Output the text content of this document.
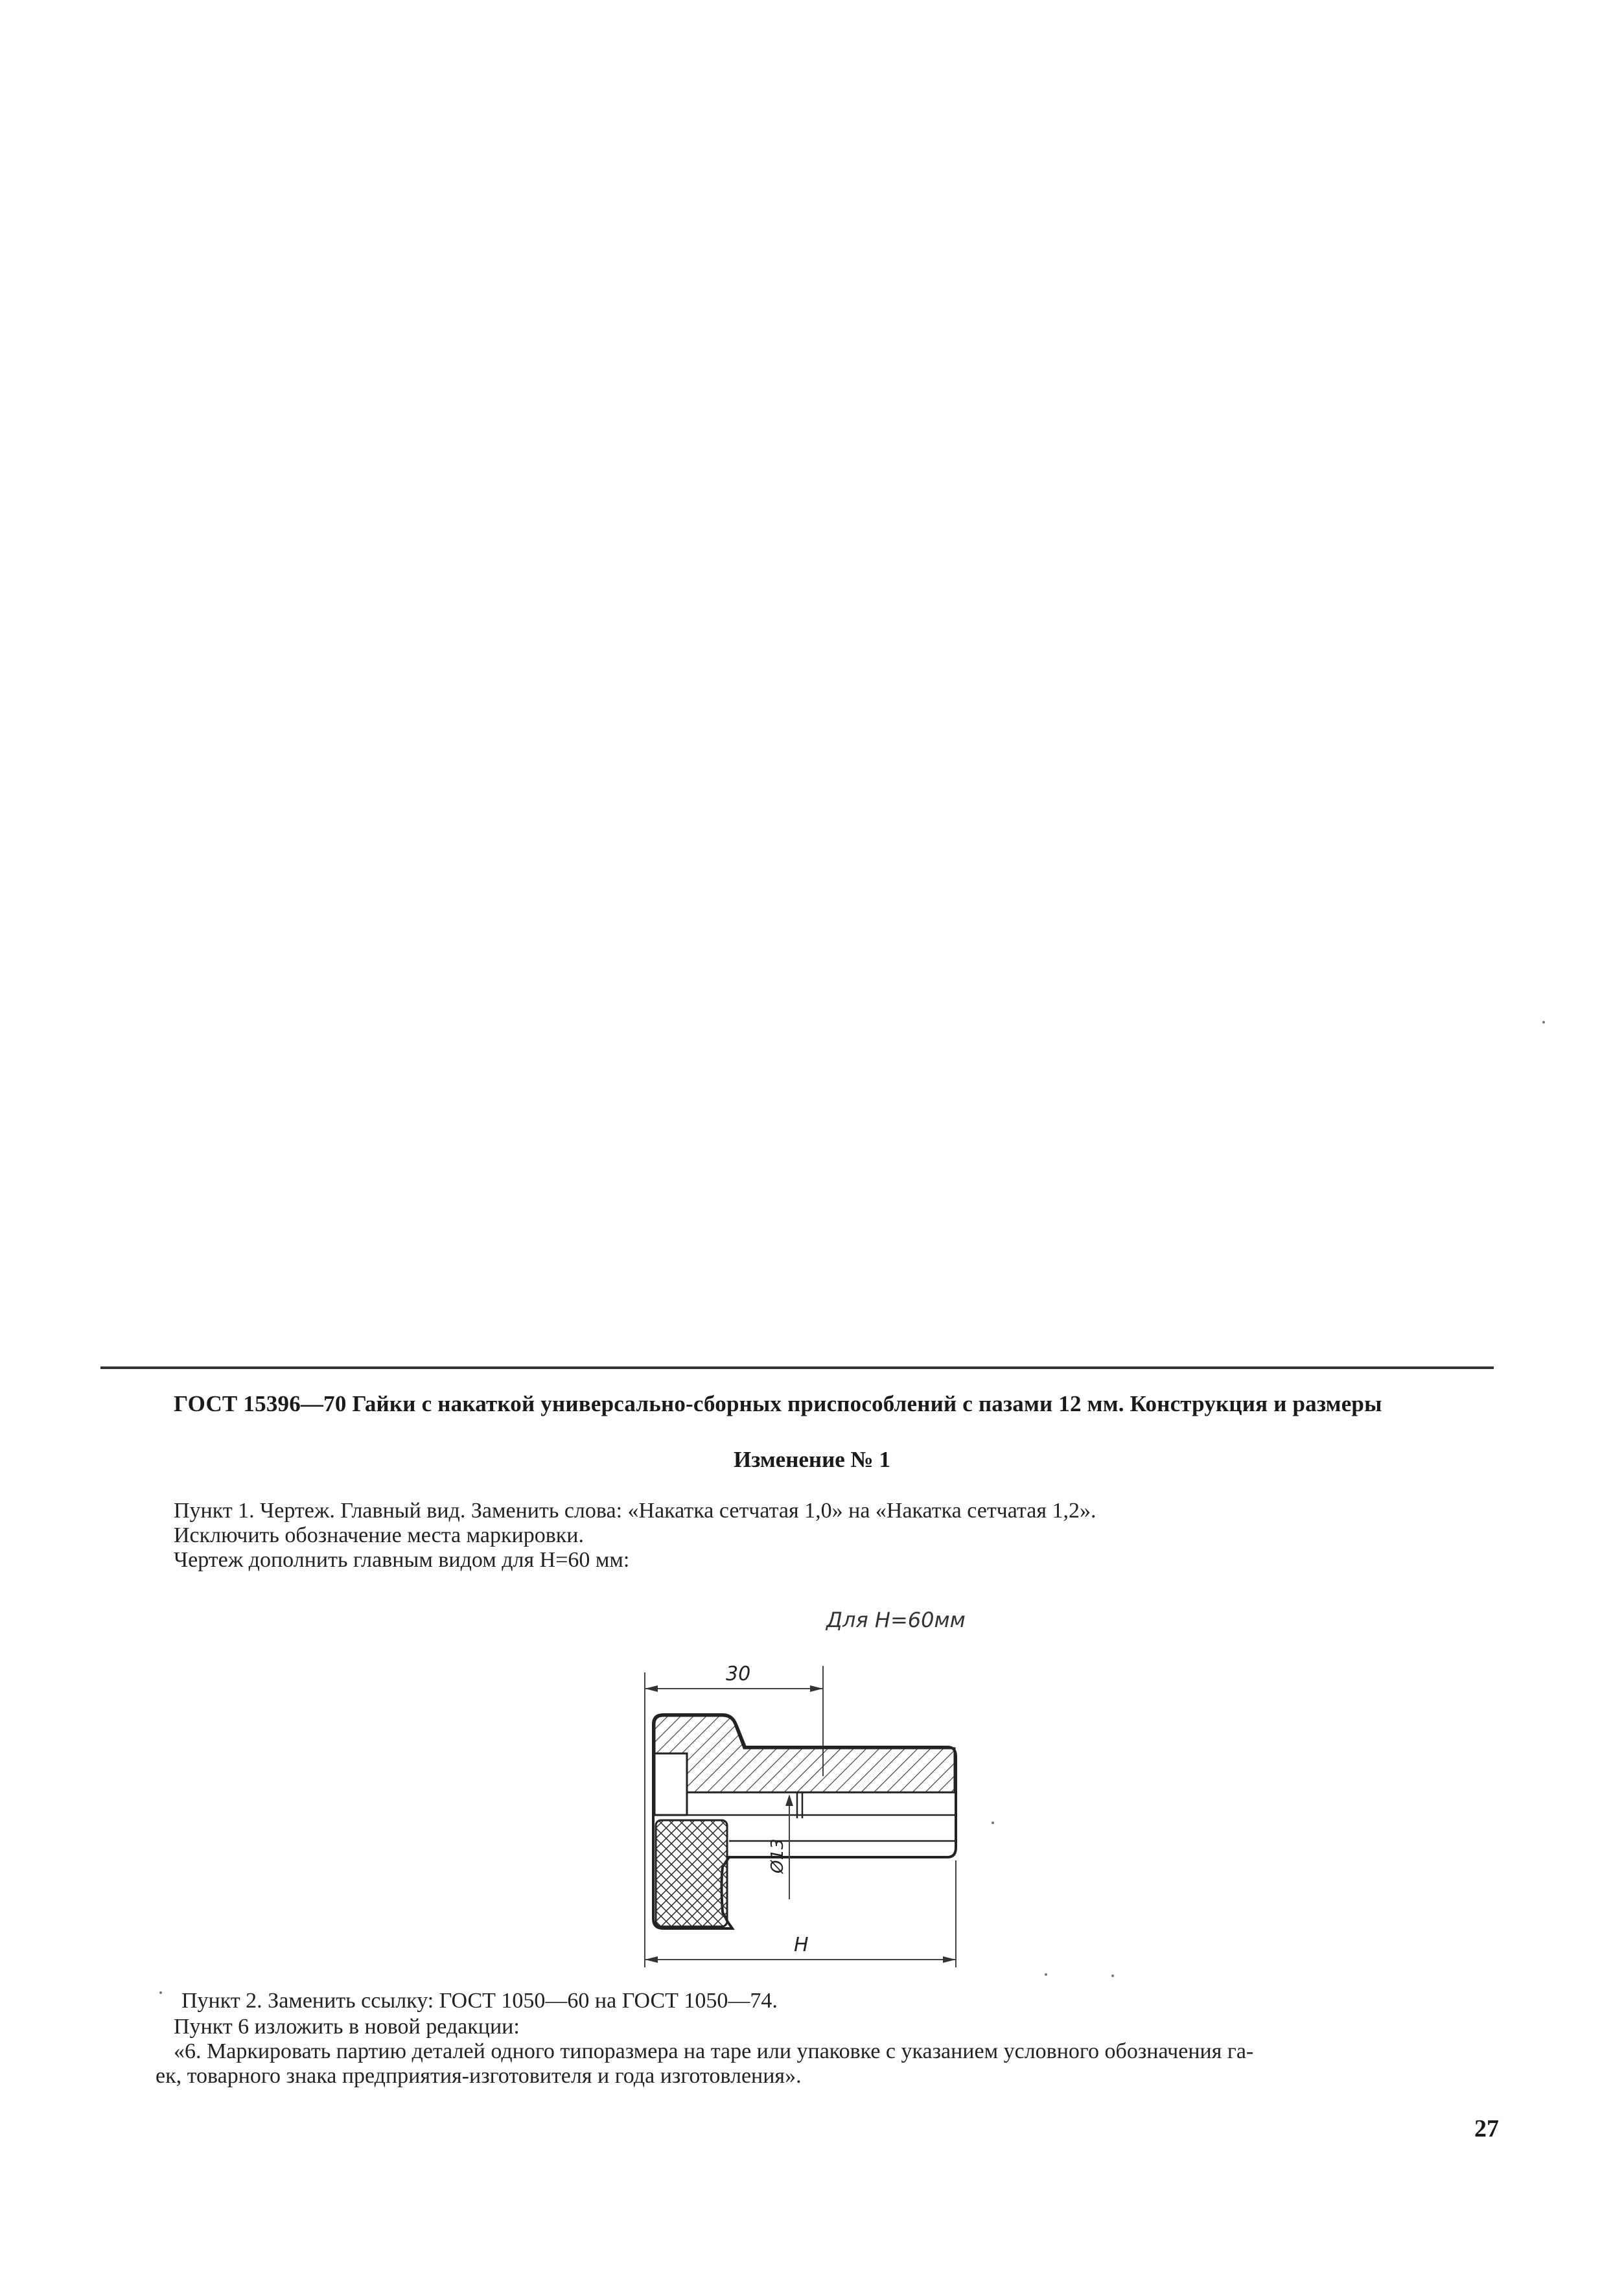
ГОСТ 15396—70 Гайки с накаткой универсально-сборных приспособлений с пазами 12 мм. Конструкция и размеры
Изменение № 1
Пункт 1. Чертеж. Главный вид. Заменить слова: «Накатка сетчатая 1,0» на «Накатка сетчатая 1,2».
Исключить обозначение места маркировки.
Чертеж дополнить главным видом для H=60 мм:
Для H=60мм
30
H
Ø13
Пункт 2. Заменить ссылку: ГОСТ 1050—60 на ГОСТ 1050—74.
Пункт 6 изложить в новой редакции:
«6. Маркировать партию деталей одного типоразмера на таре или упаковке с указанием условного обозначения га-
ек, товарного знака предприятия-изготовителя и года изготовления».
27
